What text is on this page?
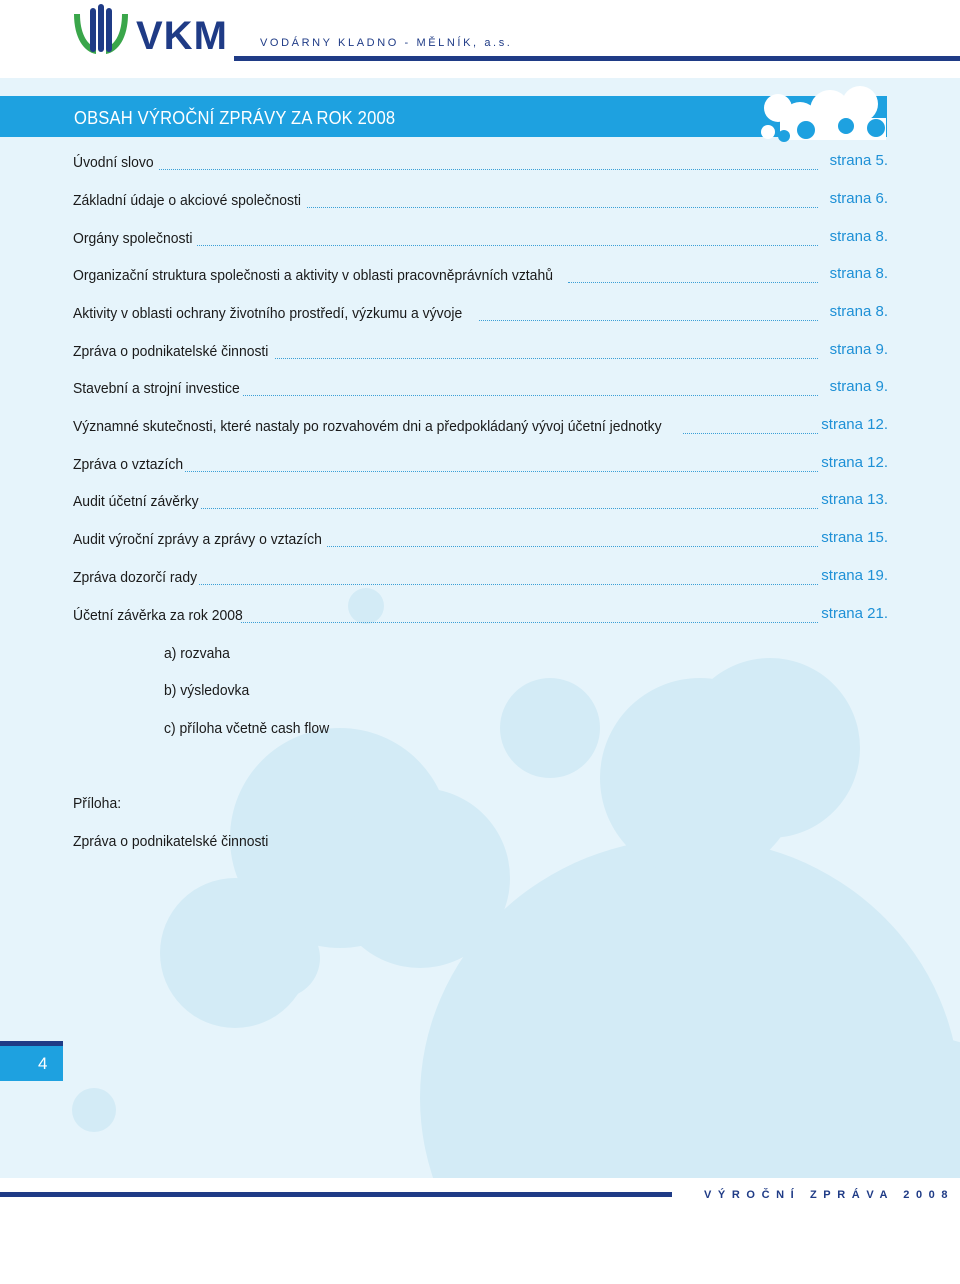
VKM	VODÁRNY KLADNO - MĚLNÍK, a.s.
OBSAH VÝROČNÍ ZPRÁVY ZA ROK 2008
Úvodní slovo	strana 5.
Základní údaje o akciové společnosti	strana 6.
Orgány společnosti	strana 8.
Organizační struktura společnosti a aktivity v oblasti pracovněprávních vztahů	strana 8.
Aktivity v oblasti ochrany životního prostředí, výzkumu a vývoje	strana 8.
Zpráva o podnikatelské činnosti	strana 9.
Stavební a strojní investice	strana 9.
Významné skutečnosti, které nastaly po rozvahovém dni a předpokládaný vývoj účetní jednotky	strana 12.
Zpráva o vztazích	strana 12.
Audit účetní závěrky	strana 13.
Audit výroční zprávy a zprávy o vztazích	strana 15.
Zpráva dozorčí rady	strana 19.
Účetní závěrka za rok 2008	strana 21.
a) rozvaha
b) výsledovka
c) příloha včetně cash flow
Příloha:
Zpráva o podnikatelské činnosti
4
VÝROČNÍ ZPRÁVA 2008
